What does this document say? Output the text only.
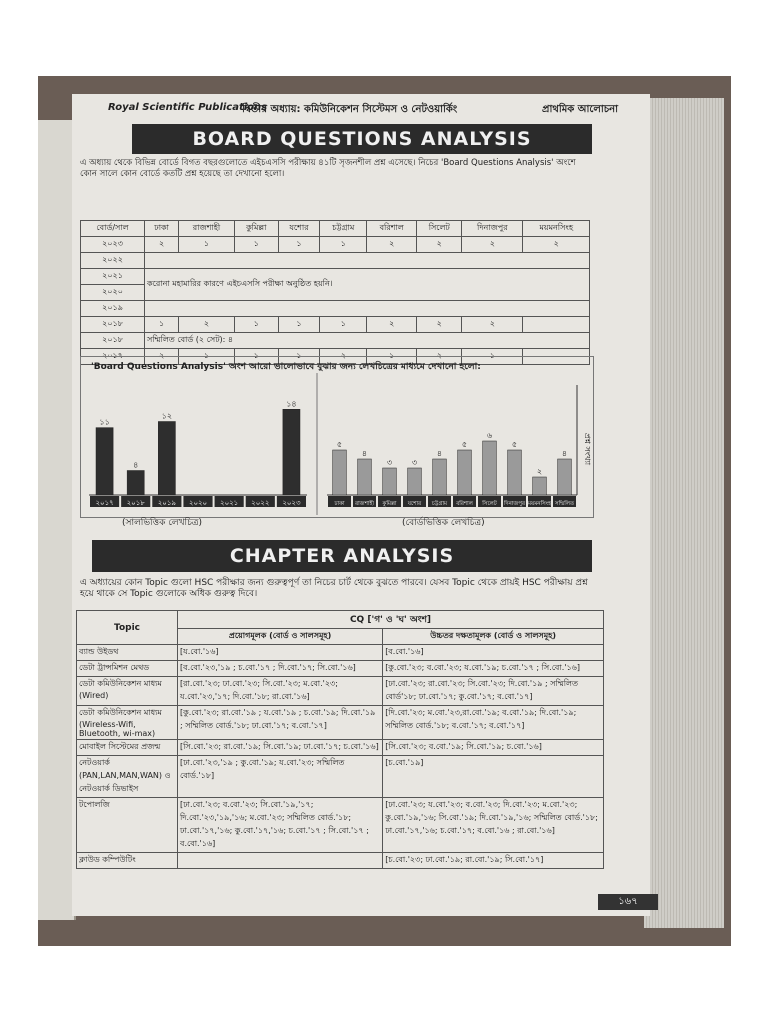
Royal Scientific Publications
দ্বিতীয় অধ্যায়: কমিউনিকেশন সিস্টেমস ও নেটওয়ার্কিং	প্রাথমিক আলোচনা
BOARD QUESTIONS ANALYSIS
এ অধ্যায় থেকে বিভিন্ন বোর্ডে বিগত বছরগুলোতে এইচএসসি পরীক্ষায় ৪১টি সৃজনশীল প্রশ্ন এসেছে। নিচের 'Board Questions Analysis' অংশে কোন সালে কোন বোর্ডে কতটি প্রশ্ন হয়েছে তা দেখানো হলো।
বোর্ড/সাল	ঢাকা	রাজশাহী	কুমিল্লা	যশোর	চট্টগ্রাম	বরিশাল	সিলেট	দিনাজপুর	ময়মনসিংহ
২০২৩	২	১	১	১	১	২	২	২	২
২০২২									
২০২১	করোনা মহামারির কারণে এইচএসসি পরীক্ষা অনুষ্ঠিত হয়নি।								
২০২০									
২০১৯									
২০১৮	১	২	১	১	১	২	২	২	
২০১৮	সম্মিলিত বোর্ড (২ সেট): ৪								
২০১৭	২	১	১	১	২	১	২	১	
'Board Questions Analysis' অংশ আরো ভালোভাবে বুঝার জন্য লেখচিত্রের মাধ্যমে দেখানো হলো:
প্রশ্ন সংখ্যা
১১
২০১৭
৪
২০১৮
১২
২০১৯ ২০২০ ২০২১ ২০২২
১৪
২০২৩
৫
ঢাকা
৪
রাজশাহী
৩
কুমিল্লা
৩
যশোর
৪
চট্টগ্রাম
৫
বরিশাল
৬
সিলেট
৫
দিনাজপুর
২
ময়মনসিংহ
৪
সম্মিলিত
(সালভিত্তিক লেখচিত্র)	(বোর্ডভিত্তিক লেখচিত্র)
CHAPTER ANALYSIS
এ অধ্যায়ের কোন Topic গুলো HSC পরীক্ষার জন্য গুরুত্বপূর্ণ তা নিচের চার্ট থেকে বুঝতে পারবে। যেসব Topic থেকে প্রায়ই HSC পরীক্ষায় প্রশ্ন হয়ে থাকে সে Topic গুলোকে অধিক গুরুত্ব দিবে।
Topic	CQ ['গ' ও 'ঘ' অংশ]	
	প্রয়োগমূলক (বোর্ড ও সালসমূহ)	উচ্চতর দক্ষতামূলক (বোর্ড ও সালসমূহ)
ব্যান্ড উইডথ	[য.বো.'১৬]	[ব.বো.'১৬]
ডেটা ট্রান্সমিশন মেথড	[ব.বো.'২৩,'১৯ ; চ.বো.'১৭ ; দি.বো.'১৭; সি.বো.'১৬]	[কু.বো.'২৩; ব.বো.'২৩; য.বো.'১৯; চ.বো.'১৭ ; সি.বো.'১৬]
ডেটা কমিউনিকেশন মাধ্যম (Wired)	[রা.বো.'২৩; ঢা.বো.'২৩; সি.বো.'২৩; ম.বো.'২৩; য.বো.'২৩,'১৭; দি.বো.'১৮; রা.বো.'১৬]	[ঢা.বো.'২৩; রা.বো.'২৩; সি.বো.'২৩; দি.বো.'১৯ ; সম্মিলিত বোর্ড'১৮; ঢা.বো.'১৭; কু.বো.'১৭; ব.বো.'১৭]
ডেটা কমিউনিকেশন মাধ্যম (Wireless-Wifi, Bluetooth, wi-max)	[কু.বো.'২৩; রা.বো.'১৯ ; য.বো.'১৯ ; চ.বো.'১৯; দি.বো.'১৯ ; সম্মিলিত বোর্ড.'১৮; ঢা.বো.'১৭; ব.বো.'১৭]	[দি.বো.'২৩; ম.বো.'২৩,রা.বো.'১৯; ব.বো.'১৯; দি.বো.'১৯; সম্মিলিত বোর্ড.'১৮; ব.বো.'১৭; ব.বো.'১৭]
মোবাইল সিস্টেমের প্রজন্ম	[সি.বো.'২৩; রা.বো.'১৯; সি.বো.'১৯; ঢা.বো.'১৭; চ.বো.'১৬]	[সি.বো.'২৩; ব.বো.'১৯; সি.বো.'১৯; চ.বো.'১৬]
নেটওয়ার্ক (PAN,LAN,MAN,WAN) ও নেটওয়ার্ক ডিভাইস	[ঢা.বো.'২৩,'১৯ ; কু.বো.'১৯; য.বো.'২৩; সম্মিলিত বোর্ড.'১৮]	[চ.বো.'১৯]
টপোলজি	[ঢা.বো.'২৩; ব.বো.'২৩; সি.বো.'১৯,'১৭; দি.বো.'২৩,'১৯,'১৬; ম.বো.'২৩; সম্মিলিত বোর্ড.'১৮; ঢা.বো.'১৭,'১৬; কু.বো.'১৭,'১৬; চ.বো.'১৭ ; সি.বো.'১৭ ; ব.বো.'১৬]	[ঢা.বো.'২৩; য.বো.'২৩; ব.বো.'২৩; দি.বো.'২৩; ম.বো.'২৩; কু.বো.'১৯,'১৬; সি.বো.'১৯; দি.বো.'১৯,'১৬; সম্মিলিত বোর্ড.'১৮; ঢা.বো.'১৭,'১৬; চ.বো.'১৭; ব.বো.'১৬ ; রা.বো.'১৬]
ক্লাউড কম্পিউটিং		[চ.বো.'২৩; ঢা.বো.'১৯; রা.বো.'১৯; সি.বো.'১৭]
১৬৭
